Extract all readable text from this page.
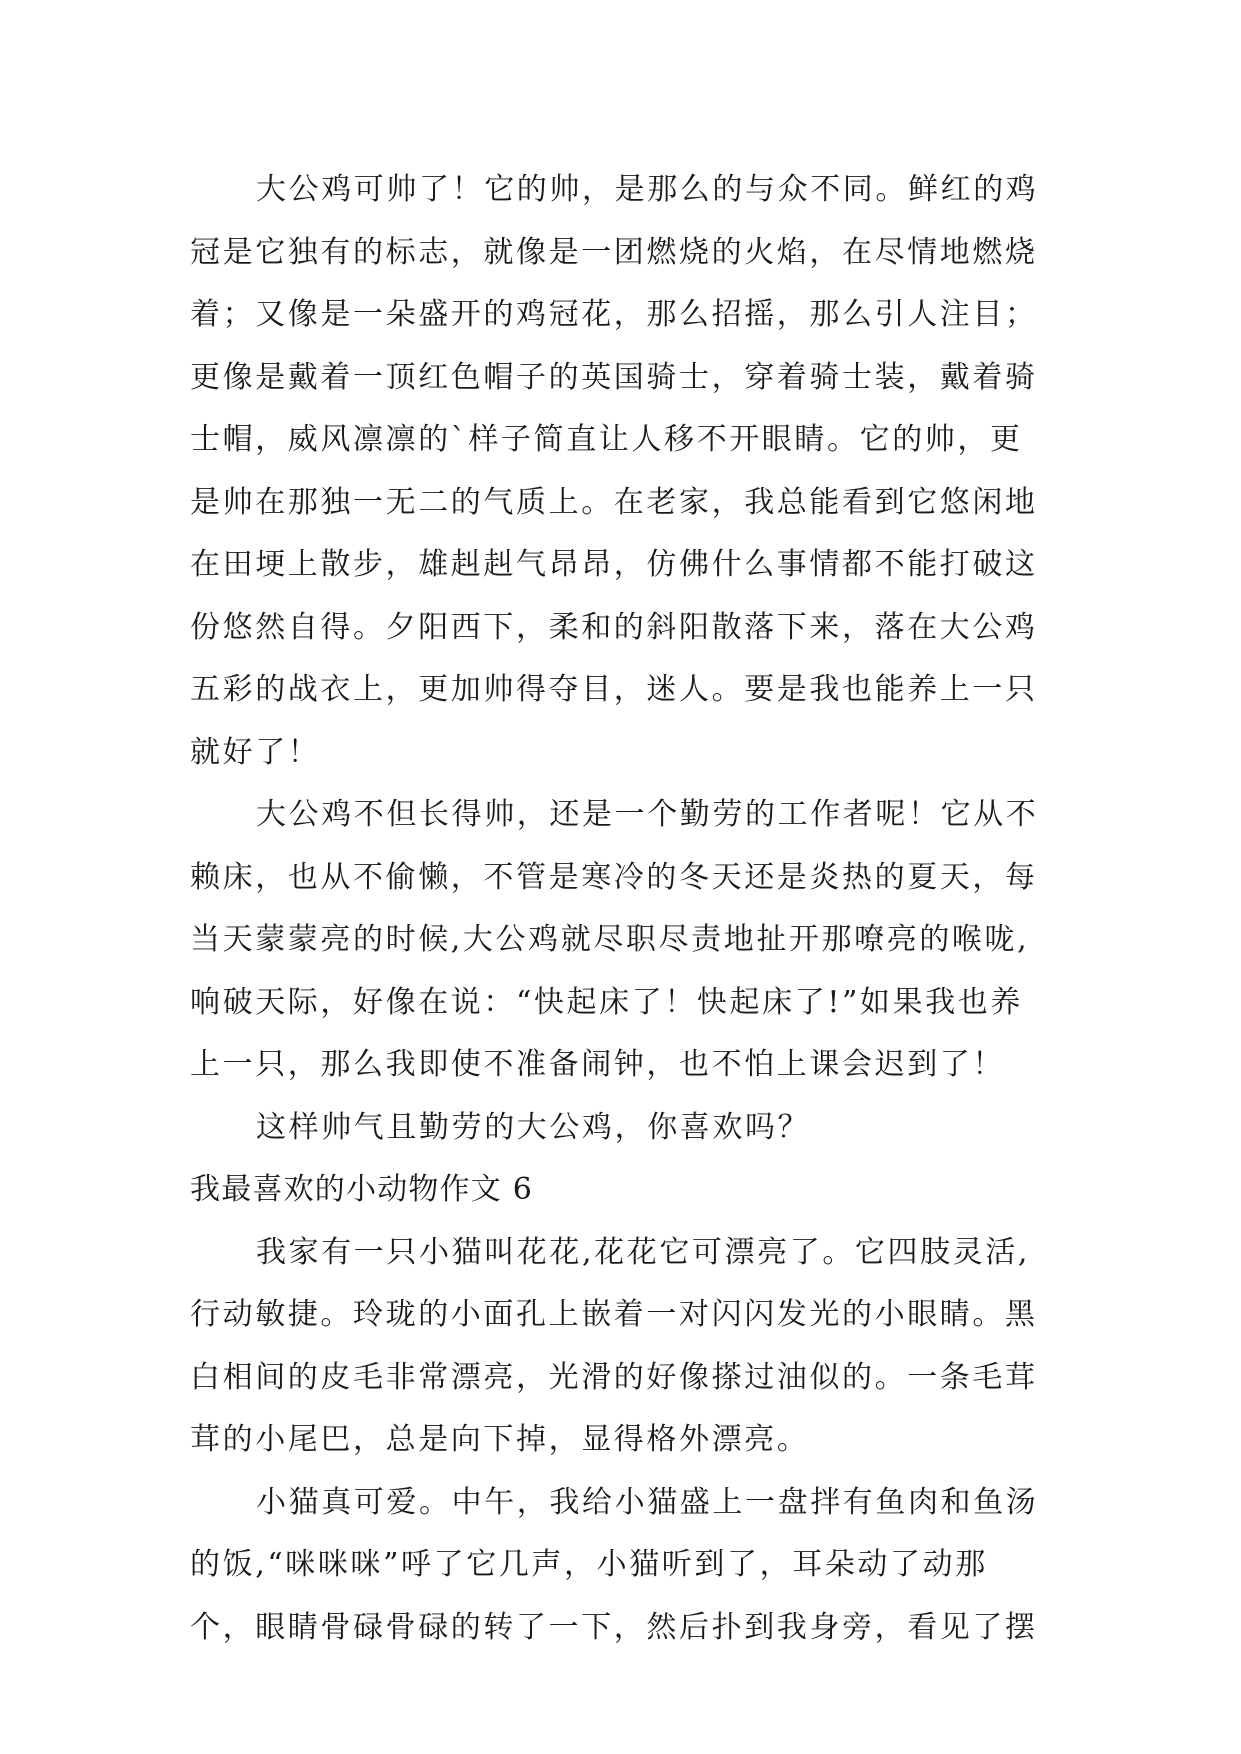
大公鸡可帅了！它的帅，是那么的与众不同。鲜红的鸡
冠是它独有的标志，就像是一团燃烧的火焰，在尽情地燃烧
着；又像是一朵盛开的鸡冠花，那么招摇，那么引人注目；
更像是戴着一顶红色帽子的英国骑士，穿着骑士装，戴着骑
士帽，威风凛凛的`样子简直让人移不开眼睛。它的帅，更
是帅在那独一无二的气质上。在老家，我总能看到它悠闲地
在田埂上散步，雄赳赳气昂昂，仿佛什么事情都不能打破这
份悠然自得。夕阳西下，柔和的斜阳散落下来，落在大公鸡
五彩的战衣上，更加帅得夺目，迷人。要是我也能养上一只
就好了！
大公鸡不但长得帅，还是一个勤劳的工作者呢！它从不
赖床，也从不偷懒，不管是寒冷的冬天还是炎热的夏天，每
当天蒙蒙亮的时候,大公鸡就尽职尽责地扯开那嘹亮的喉咙,
响破天际，好像在说：“快起床了！快起床了!”如果我也养
上一只，那么我即使不准备闹钟，也不怕上课会迟到了！
这样帅气且勤劳的大公鸡，你喜欢吗？
我最喜欢的小动物作文 6
我家有一只小猫叫花花,花花它可漂亮了。它四肢灵活,
行动敏捷。玲珑的小面孔上嵌着一对闪闪发光的小眼睛。黑
白相间的皮毛非常漂亮，光滑的好像搽过油似的。一条毛茸
茸的小尾巴，总是向下掉，显得格外漂亮。
小猫真可爱。中午，我给小猫盛上一盘拌有鱼肉和鱼汤
的饭,“咪咪咪”呼了它几声，小猫听到了，耳朵动了动那
个，眼睛骨碌骨碌的转了一下，然后扑到我身旁，看见了摆
